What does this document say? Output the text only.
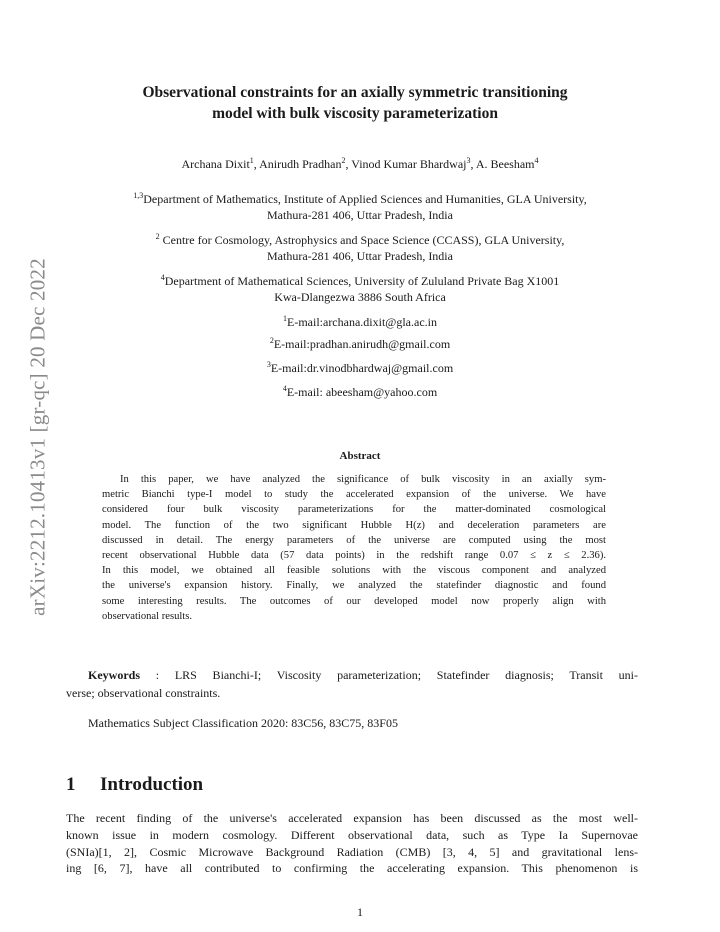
arXiv:2212.10413v1 [gr-qc] 20 Dec 2022
Observational constraints for an axially symmetric transitioning
model with bulk viscosity parameterization
Archana Dixit$^1$, Anirudh Pradhan$^2$, Vinod Kumar Bhardwaj$^3$, A. Beesham$^4$
$^{1,3}$Department of Mathematics, Institute of Applied Sciences and Humanities, GLA University,
Mathura-281 406, Uttar Pradesh, India
$^2$ Centre for Cosmology, Astrophysics and Space Science (CCASS), GLA University,
Mathura-281 406, Uttar Pradesh, India
$^4$Department of Mathematical Sciences, University of Zululand Private Bag X1001
Kwa-Dlangezwa 3886 South Africa
$^1$E-mail:archana.dixit@gla.ac.in
$^2$E-mail:pradhan.anirudh@gmail.com
$^3$E-mail:dr.vinodbhardwaj@gmail.com
$^4$E-mail: abeesham@yahoo.com
Abstract
In this paper, we have analyzed the significance of bulk viscosity in an axially sym-
metric Bianchi type-I model to study the accelerated expansion of the universe. We have
considered four bulk viscosity parameterizations for the matter-dominated cosmological
model. The function of the two significant Hubble H(z) and deceleration parameters are
discussed in detail. The energy parameters of the universe are computed using the most
recent observational Hubble data (57 data points) in the redshift range 0.07 ≤ z ≤ 2.36).
In this model, we obtained all feasible solutions with the viscous component and analyzed
the universe's expansion history. Finally, we analyzed the statefinder diagnostic and found
some interesting results. The outcomes of our developed model now properly align with
observational results.
Keywords : LRS Bianchi-I; Viscosity parameterization; Statefinder diagnosis; Transit uni-
verse; observational constraints.
Mathematics Subject Classification 2020: 83C56, 83C75, 83F05
1 Introduction
The recent finding of the universe's accelerated expansion has been discussed as the most well-
known issue in modern cosmology. Different observational data, such as Type Ia Supernovae
(SNIa)[1, 2], Cosmic Microwave Background Radiation (CMB) [3, 4, 5] and gravitational lens-
ing [6, 7], have all contributed to confirming the accelerating expansion. This phenomenon is
1
